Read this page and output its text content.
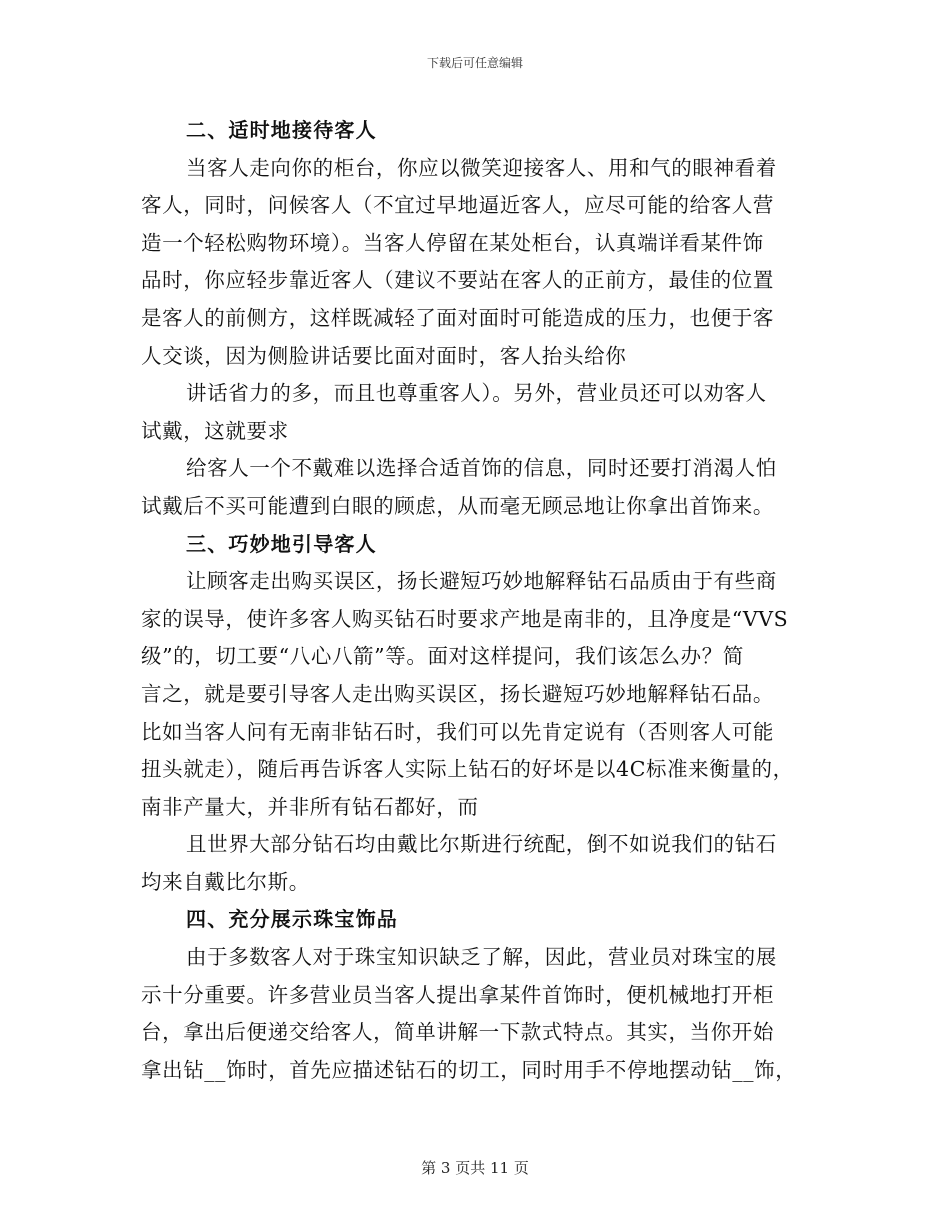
下载后可任意编辑
二、适时地接待客人
当客人走向你的柜台，你应以微笑迎接客人、用和气的眼神看着
客人，同时，问候客人（不宜过早地逼近客人，应尽可能的给客人营
造一个轻松购物环境）。当客人停留在某处柜台，认真端详看某件饰
品时，你应轻步靠近客人（建议不要站在客人的正前方，最佳的位置
是客人的前侧方，这样既减轻了面对面时可能造成的压力，也便于客
人交谈，因为侧脸讲话要比面对面时，客人抬头给你
讲话省力的多，而且也尊重客人）。另外，营业员还可以劝客人
试戴，这就要求
给客人一个不戴难以选择合适首饰的信息，同时还要打消渴人怕
试戴后不买可能遭到白眼的顾虑，从而毫无顾忌地让你拿出首饰来。
三、巧妙地引导客人
让顾客走出购买误区，扬长避短巧妙地解释钻石品质由于有些商
家的误导，使许多客人购买钻石时要求产地是南非的，且净度是“VVS
级”的，切工要“八心八箭”等。面对这样提问，我们该怎么办？简
言之，就是要引导客人走出购买误区，扬长避短巧妙地解释钻石品。
比如当客人问有无南非钻石时，我们可以先肯定说有（否则客人可能
扭头就走），随后再告诉客人实际上钻石的好坏是以4C标准来衡量的，
南非产量大，并非所有钻石都好，而
且世界大部分钻石均由戴比尔斯进行统配，倒不如说我们的钻石
均来自戴比尔斯。
四、充分展示珠宝饰品
由于多数客人对于珠宝知识缺乏了解，因此，营业员对珠宝的展
示十分重要。许多营业员当客人提出拿某件首饰时，便机械地打开柜
台，拿出后便递交给客人，简单讲解一下款式特点。其实，当你开始
拿出钻__饰时，首先应描述钻石的切工，同时用手不停地摆动钻__饰，
第 3 页共 11 页
